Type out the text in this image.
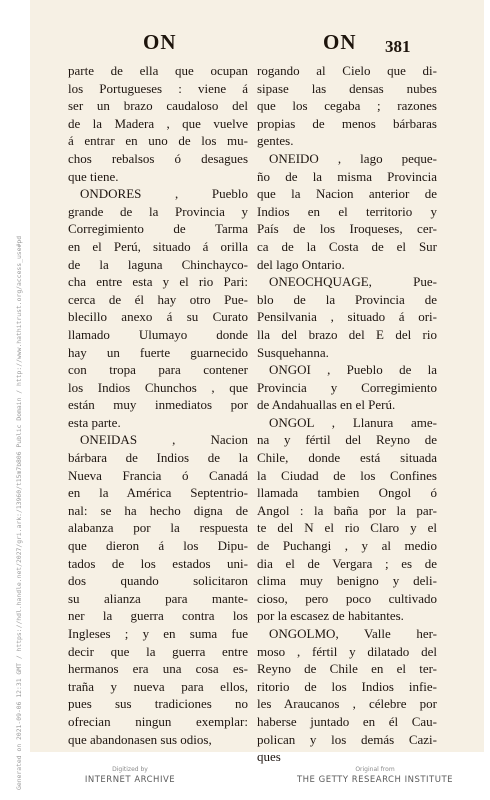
Generated on 2021-09-06 12:31 GMT / https://hdl.handle.net/2027/gri.ark:/13960/t15m7b806 Public Domain / http://www.hathitrust.org/access_use#pd
ON	ON 381
parte de ella que ocupan
los Portugueses : viene á
ser un brazo caudaloso del
de la Madera , que vuelve
á entrar en uno de los mu-
chos rebalsos ó desagues
que tiene.
ONDORES , Pueblo
grande de la Provincia y
Corregimiento de Tarma
en el Perú, situado á orilla
de la laguna Chinchayco-
cha entre esta y el rio Pari:
cerca de él hay otro Pue-
blecillo anexo á su Curato
llamado Ulumayo donde
hay un fuerte guarnecido
con tropa para contener
los Indios Chunchos , que
están muy inmediatos por
esta parte.
ONEIDAS , Nacion
bárbara de Indios de la
Nueva Francia ó Canadá
en la América Septentrio-
nal: se ha hecho digna de
alabanza por la respuesta
que dieron á los Dipu-
tados de los estados uni-
dos quando solicitaron
su alianza para mante-
ner la guerra contra los
Ingleses ; y en suma fue
decir que la guerra entre
hermanos era una cosa es-
traña y nueva para ellos,
pues sus tradiciones no
ofrecian ningun exemplar:
que abandonasen sus odios,
rogando al Cielo que di-
sipase las densas nubes
que los cegaba ; razones
propias de menos bárbaras
gentes.
ONEIDO , lago peque-
ño de la misma Provincia
que la Nacion anterior de
Indios en el territorio y
País de los Iroqueses, cer-
ca de la Costa de el Sur
del lago Ontario.
ONEOCHQUAGE, Pue-
blo de la Provincia de
Pensilvania , situado á ori-
lla del brazo del E del rio
Susquehanna.
ONGOI , Pueblo de la
Provincia y Corregimiento
de Andahuallas en el Perú.
ONGOL , Llanura ame-
na y fértil del Reyno de
Chile, donde está situada
la Ciudad de los Confines
llamada tambien Ongol ó
Angol : la baña por la par-
te del N el rio Claro y el
de Puchangi , y al medio
dia el de Vergara ; es de
clima muy benigno y deli-
cioso, pero poco cultivado
por la escasez de habitantes.
ONGOLMO, Valle her-
moso , fértil y dilatado del
Reyno de Chile en el ter-
ritorio de los Indios infie-
les Araucanos , célebre por
haberse juntado en él Cau-
polican y los demás Cazi-
ques
Digitized by
INTERNET ARCHIVE
Original from
THE GETTY RESEARCH INSTITUTE
